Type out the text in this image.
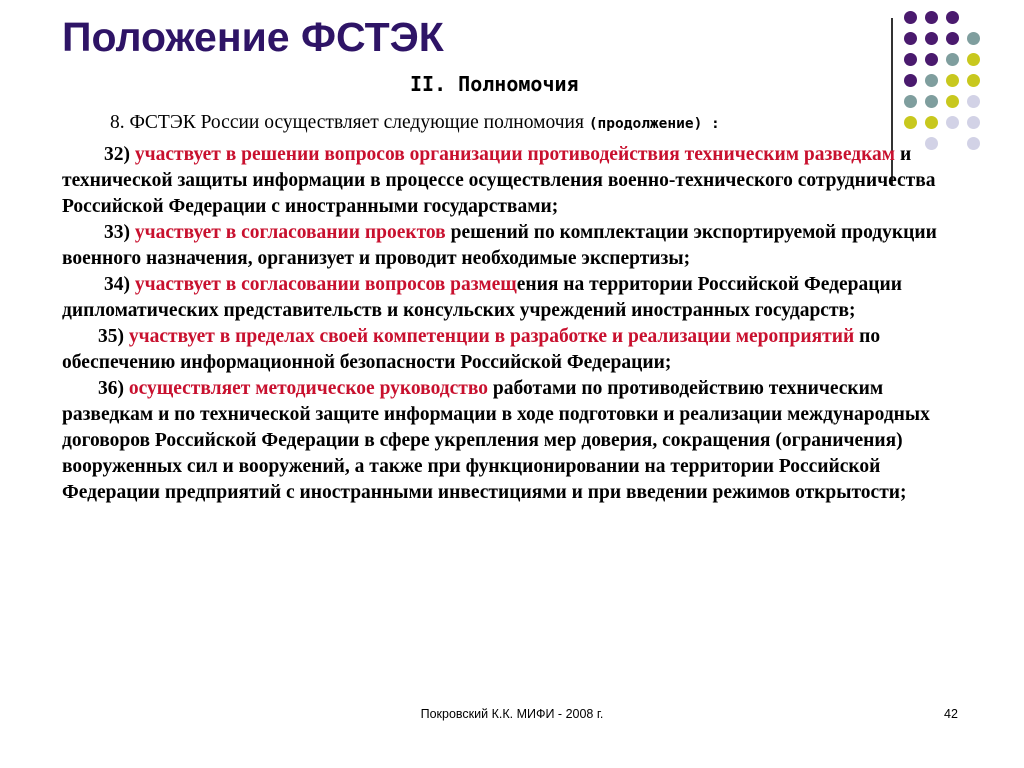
Положение ФСТЭК
II. Полномочия
8. ФСТЭК России осуществляет следующие полномочия (продолжение) :

32) участвует в решении вопросов организации противодействия техническим разведкам и технической защиты информации в процессе осуществления военно-технического сотрудничества Российской Федерации с иностранными государствами;

33) участвует в согласовании проектов решений по комплектации экспортируемой продукции военного назначения, организует и проводит необходимые экспертизы;

34) участвует в согласовании вопросов размещения на территории Российской Федерации дипломатических представительств и консульских учреждений иностранных государств;

35) участвует в пределах своей компетенции в разработке и реализации мероприятий по обеспечению информационной безопасности Российской Федерации;

36) осуществляет методическое руководство работами по противодействию техническим разведкам и по технической защите информации в ходе подготовки и реализации международных договоров Российской Федерации в сфере укрепления мер доверия, сокращения (ограничения) вооруженных сил и вооружений, а также при функционировании на территории Российской Федерации предприятий с иностранными инвестициями и при введении режимов открытости;

Покровский К.К. МИФИ - 2008 г.	42
